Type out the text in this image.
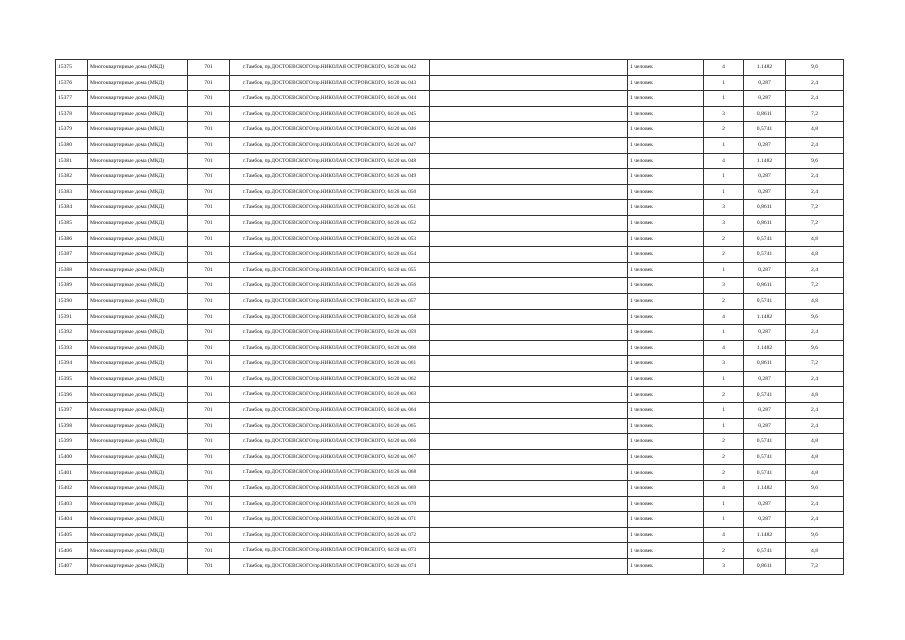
15375	Многоквартирные дома (МКД)	701	г.Тамбов, пр.ДОСТОЕВСКОГО/пр.НИКОЛАЯ ОСТРОВСКОГО, 64/20 кв. 042		1 человек	4	1.1482	9,6
15376	Многоквартирные дома (МКД)	701	г.Тамбов, пр.ДОСТОЕВСКОГО/пр.НИКОЛАЯ ОСТРОВСКОГО, 64/20 кв. 043		1 человек	1	0,287	2,4
15377	Многоквартирные дома (МКД)	701	г.Тамбов, пр.ДОСТОЕВСКОГО/пр.НИКОЛАЯ ОСТРОВСКОГО, 64/20 кв. 044		1 человек	1	0,287	2,4
15378	Многоквартирные дома (МКД)	701	г.Тамбов, пр.ДОСТОЕВСКОГО/пр.НИКОЛАЯ ОСТРОВСКОГО, 64/20 кв. 045		1 человек	3	0,8611	7,2
15379	Многоквартирные дома (МКД)	701	г.Тамбов, пр.ДОСТОЕВСКОГО/пр.НИКОЛАЯ ОСТРОВСКОГО, 64/20 кв. 046		1 человек	2	0,5741	4,8
15380	Многоквартирные дома (МКД)	701	г.Тамбов, пр.ДОСТОЕВСКОГО/пр.НИКОЛАЯ ОСТРОВСКОГО, 64/20 кв. 047		1 человек	1	0,287	2,4
15381	Многоквартирные дома (МКД)	701	г.Тамбов, пр.ДОСТОЕВСКОГО/пр.НИКОЛАЯ ОСТРОВСКОГО, 64/20 кв. 048		1 человек	4	1.1482	9,6
15382	Многоквартирные дома (МКД)	701	г.Тамбов, пр.ДОСТОЕВСКОГО/пр.НИКОЛАЯ ОСТРОВСКОГО, 64/20 кв. 049		1 человек	1	0,287	2,4
15383	Многоквартирные дома (МКД)	701	г.Тамбов, пр.ДОСТОЕВСКОГО/пр.НИКОЛАЯ ОСТРОВСКОГО, 64/20 кв. 050		1 человек	1	0,287	2,4
15384	Многоквартирные дома (МКД)	701	г.Тамбов, пр.ДОСТОЕВСКОГО/пр.НИКОЛАЯ ОСТРОВСКОГО, 64/20 кв. 051		1 человек	3	0,8611	7,2
15385	Многоквартирные дома (МКД)	701	г.Тамбов, пр.ДОСТОЕВСКОГО/пр.НИКОЛАЯ ОСТРОВСКОГО, 64/20 кв. 052		1 человек	3	0,8611	7,2
15386	Многоквартирные дома (МКД)	701	г.Тамбов, пр.ДОСТОЕВСКОГО/пр.НИКОЛАЯ ОСТРОВСКОГО, 64/20 кв. 053		1 человек	2	0,5741	4,8
15387	Многоквартирные дома (МКД)	701	г.Тамбов, пр.ДОСТОЕВСКОГО/пр.НИКОЛАЯ ОСТРОВСКОГО, 64/20 кв. 054		1 человек	2	0,5741	4,8
15388	Многоквартирные дома (МКД)	701	г.Тамбов, пр.ДОСТОЕВСКОГО/пр.НИКОЛАЯ ОСТРОВСКОГО, 64/20 кв. 055		1 человек	1	0,287	2,4
15389	Многоквартирные дома (МКД)	701	г.Тамбов, пр.ДОСТОЕВСКОГО/пр.НИКОЛАЯ ОСТРОВСКОГО, 64/20 кв. 056		1 человек	3	0,8611	7,2
15390	Многоквартирные дома (МКД)	701	г.Тамбов, пр.ДОСТОЕВСКОГО/пр.НИКОЛАЯ ОСТРОВСКОГО, 64/20 кв. 057		1 человек	2	0,5741	4,8
15391	Многоквартирные дома (МКД)	701	г.Тамбов, пр.ДОСТОЕВСКОГО/пр.НИКОЛАЯ ОСТРОВСКОГО, 64/20 кв. 058		1 человек	4	1.1482	9,6
15392	Многоквартирные дома (МКД)	701	г.Тамбов, пр.ДОСТОЕВСКОГО/пр.НИКОЛАЯ ОСТРОВСКОГО, 64/20 кв. 059		1 человек	1	0,287	2,4
15393	Многоквартирные дома (МКД)	701	г.Тамбов, пр.ДОСТОЕВСКОГО/пр.НИКОЛАЯ ОСТРОВСКОГО, 64/20 кв. 060		1 человек	4	1.1482	9,6
15394	Многоквартирные дома (МКД)	701	г.Тамбов, пр.ДОСТОЕВСКОГО/пр.НИКОЛАЯ ОСТРОВСКОГО, 64/20 кв. 061		1 человек	3	0,8611	7,2
15395	Многоквартирные дома (МКД)	701	г.Тамбов, пр.ДОСТОЕВСКОГО/пр.НИКОЛАЯ ОСТРОВСКОГО, 64/20 кв. 062		1 человек	1	0,287	2,4
15396	Многоквартирные дома (МКД)	701	г.Тамбов, пр.ДОСТОЕВСКОГО/пр.НИКОЛАЯ ОСТРОВСКОГО, 64/20 кв. 063		1 человек	2	0,5741	4,8
15397	Многоквартирные дома (МКД)	701	г.Тамбов, пр.ДОСТОЕВСКОГО/пр.НИКОЛАЯ ОСТРОВСКОГО, 64/20 кв. 064		1 человек	1	0,287	2,4
15398	Многоквартирные дома (МКД)	701	г.Тамбов, пр.ДОСТОЕВСКОГО/пр.НИКОЛАЯ ОСТРОВСКОГО, 64/20 кв. 065		1 человек	1	0,287	2,4
15399	Многоквартирные дома (МКД)	701	г.Тамбов, пр.ДОСТОЕВСКОГО/пр.НИКОЛАЯ ОСТРОВСКОГО, 64/20 кв. 066		1 человек	2	0,5741	4,8
15400	Многоквартирные дома (МКД)	701	г.Тамбов, пр.ДОСТОЕВСКОГО/пр.НИКОЛАЯ ОСТРОВСКОГО, 64/20 кв. 067		1 человек	2	0,5741	4,8
15401	Многоквартирные дома (МКД)	701	г.Тамбов, пр.ДОСТОЕВСКОГО/пр.НИКОЛАЯ ОСТРОВСКОГО, 64/20 кв. 068		1 человек	2	0,5741	4,8
15402	Многоквартирные дома (МКД)	701	г.Тамбов, пр.ДОСТОЕВСКОГО/пр.НИКОЛАЯ ОСТРОВСКОГО, 64/20 кв. 069		1 человек	4	1.1482	9,6
15403	Многоквартирные дома (МКД)	701	г.Тамбов, пр.ДОСТОЕВСКОГО/пр.НИКОЛАЯ ОСТРОВСКОГО, 64/20 кв. 070		1 человек	1	0,287	2,4
15404	Многоквартирные дома (МКД)	701	г.Тамбов, пр.ДОСТОЕВСКОГО/пр.НИКОЛАЯ ОСТРОВСКОГО, 64/20 кв. 071		1 человек	1	0,287	2,4
15405	Многоквартирные дома (МКД)	701	г.Тамбов, пр.ДОСТОЕВСКОГО/пр.НИКОЛАЯ ОСТРОВСКОГО, 64/20 кв. 072		1 человек	4	1.1482	9,6
15406	Многоквартирные дома (МКД)	701	г.Тамбов, пр.ДОСТОЕВСКОГО/пр.НИКОЛАЯ ОСТРОВСКОГО, 64/20 кв. 073		1 человек	2	0,5741	4,8
15407	Многоквартирные дома (МКД)	701	г.Тамбов, пр.ДОСТОЕВСКОГО/пр.НИКОЛАЯ ОСТРОВСКОГО, 64/20 кв. 074		1 человек	3	0,8611	7,2
